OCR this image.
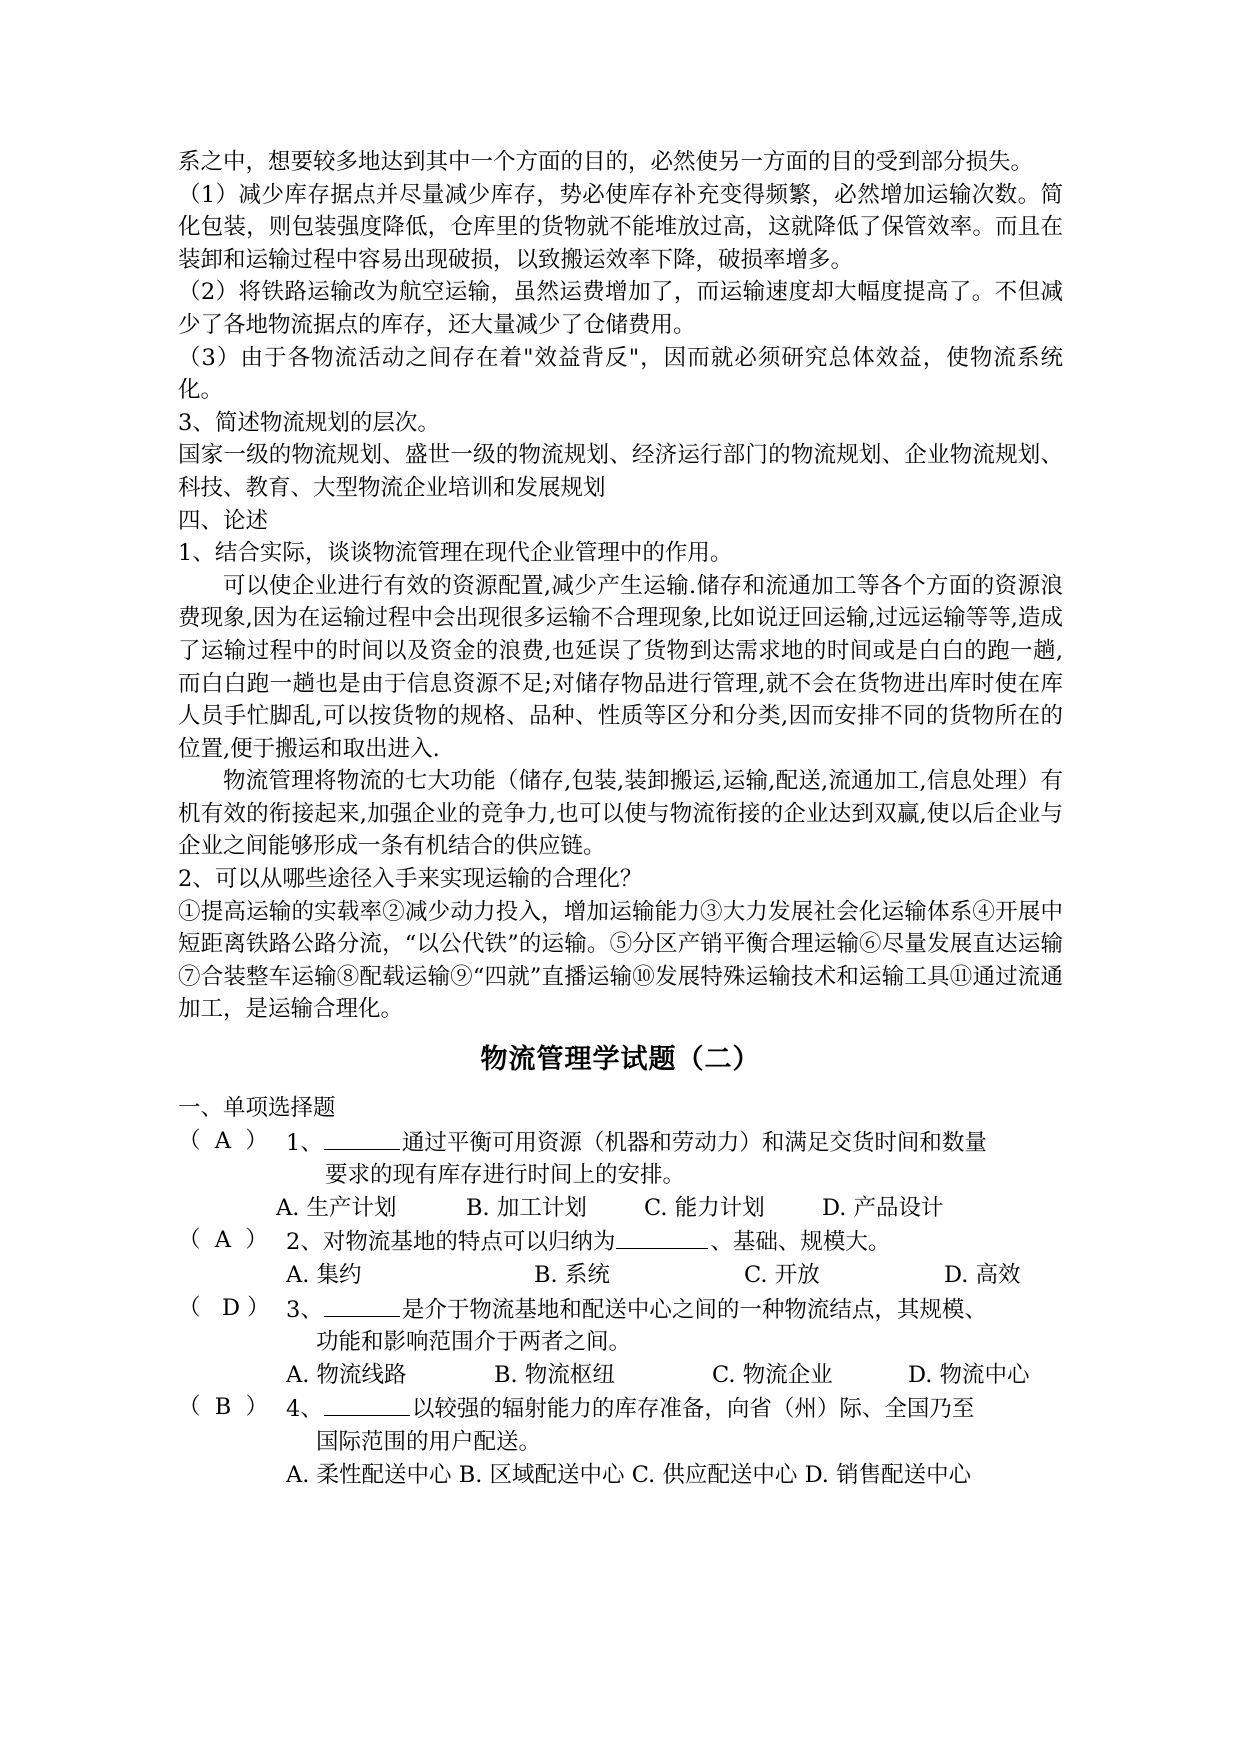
系之中，想要较多地达到其中一个方面的目的，必然使另一方面的目的受到部分损失。

（1）减少库存据点并尽量减少库存，势必使库存补充变得频繁，必然增加运输次数。简化包装，则包装强度降低，仓库里的货物就不能堆放过高，这就降低了保管效率。而且在装卸和运输过程中容易出现破损，以致搬运效率下降，破损率增多。

（2）将铁路运输改为航空运输，虽然运费增加了，而运输速度却大幅度提高了。不但减少了各地物流据点的库存，还大量减少了仓储费用。

（3）由于各物流活动之间存在着"效益背反"，因而就必须研究总体效益，使物流系统化。

3、简述物流规划的层次。

国家一级的物流规划、盛世一级的物流规划、经济运行部门的物流规划、企业物流规划、科技、教育、大型物流企业培训和发展规划

四、论述

1、结合实际，谈谈物流管理在现代企业管理中的作用。

可以使企业进行有效的资源配置,减少产生运输.储存和流通加工等各个方面的资源浪费现象,因为在运输过程中会出现很多运输不合理现象,比如说迂回运输,过远运输等等,造成了运输过程中的时间以及资金的浪费,也延误了货物到达需求地的时间或是白白的跑一趟,而白白跑一趟也是由于信息资源不足;对储存物品进行管理,就不会在货物进出库时使在库人员手忙脚乱,可以按货物的规格、品种、性质等区分和分类,因而安排不同的货物所在的位置,便于搬运和取出进入.

物流管理将物流的七大功能（储存,包装,装卸搬运,运输,配送,流通加工,信息处理）有机有效的衔接起来,加强企业的竞争力,也可以使与物流衔接的企业达到双赢,使以后企业与企业之间能够形成一条有机结合的供应链。

2、可以从哪些途径入手来实现运输的合理化？

①提高运输的实载率②减少动力投入，增加运输能力③大力发展社会化运输体系④开展中短距离铁路公路分流，“以公代铁”的运输。⑤分区产销平衡合理运输⑥尽量发展直达运输⑦合装整车运输⑧配载运输⑨“四就”直播运输⑩发展特殊运输技术和运输工具⑪通过流通加工，是运输合理化。

物流管理学试题（二）

一、单项选择题

（  A  ） 1、	通过平衡可用资源（机器和劳动力）和满足交货时间和数量
要求的现有库存进行时间上的安排。
A. 生产计划	B. 加工计划	C. 能力计划	D. 产品设计
（  A  ） 2、对物流基地的特点可以归纳为	、基础、规模大。
A. 集约	B. 系统	C. 开放	D. 高效
（   D ） 3、	是介于物流基地和配送中心之间的一种物流结点，其规模、
功能和影响范围介于两者之间。
A. 物流线路	B. 物流枢纽	C. 物流企业	D. 物流中心
（  B  ） 4、	以较强的辐射能力的库存准备，向省（州）际、全国乃至
国际范围的用户配送。
A. 柔性配送中心 B. 区域配送中心 C. 供应配送中心 D. 销售配送中心
